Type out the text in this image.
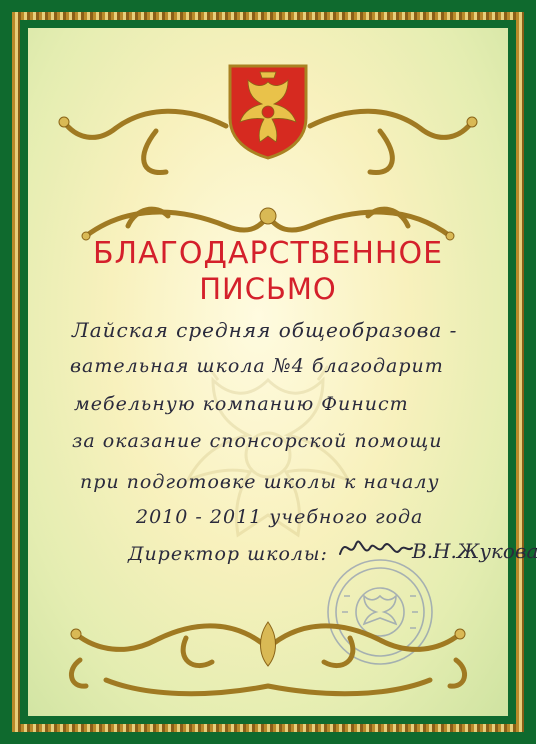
БЛАГОДАРСТВЕННОЕ
ПИСЬМО
Лайская средняя общеобразова -
вательная школа №4 благодарит
мебельную компанию Финист
за оказание спонсорской помощи
при подготовке школы к началу
2010 - 2011 учебного года
Директор школы:	В.Н.Жукова
